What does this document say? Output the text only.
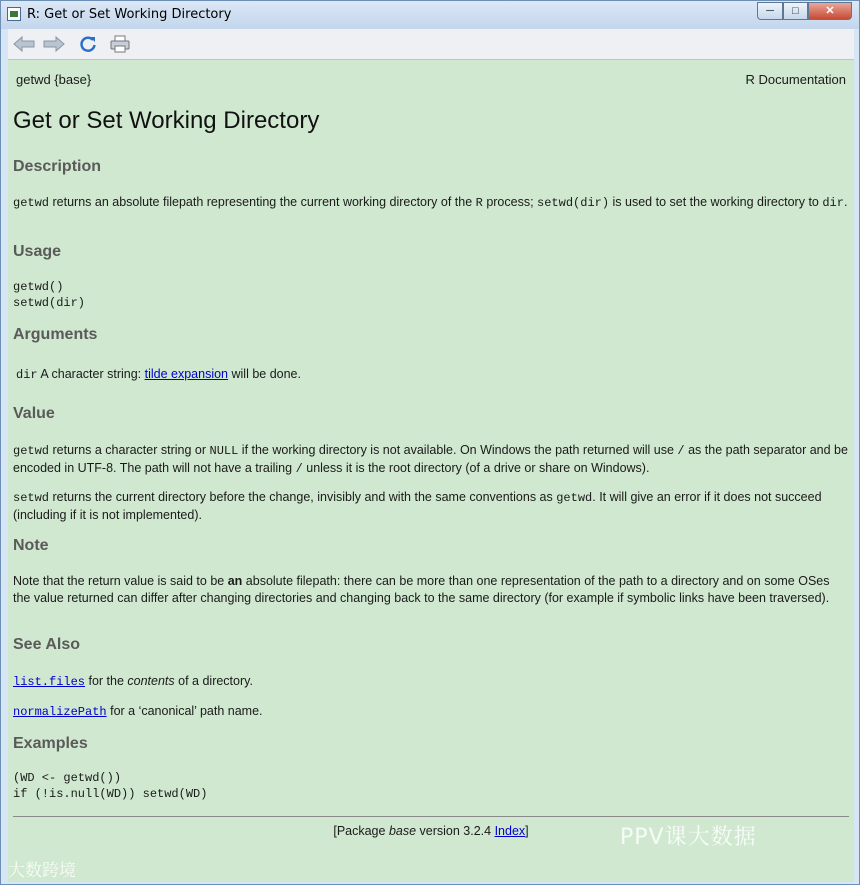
R: Get or Set Working Directory	─	□	✕
getwd {base}	R Documentation
Get or Set Working Directory
Description

getwd returns an absolute filepath representing the current working directory of the R process; setwd(dir) is used to set the working directory to dir.

Usage
getwd()
setwd(dir)
Arguments

dir A character string: tilde expansion will be done.

Value

getwd returns a character string or NULL if the working directory is not available. On Windows the path returned will use / as the path separator and be encoded in UTF-8. The path will not have a trailing / unless it is the root directory (of a drive or share on Windows).

setwd returns the current directory before the change, invisibly and with the same conventions as getwd. It will give an error if it does not succeed (including if it is not implemented).

Note

Note that the return value is said to be an absolute filepath: there can be more than one representation of the path to a directory and on some OSes the value returned can differ after changing directories and changing back to the same directory (for example if symbolic links have been traversed).

See Also

list.files for the contents of a directory.

normalizePath for a ‘canonical’ path name.

Examples
(WD <- getwd())
if (!is.null(WD)) setwd(WD)
[Package base version 3.2.4 Index]	PPV课大数据
大数跨境
